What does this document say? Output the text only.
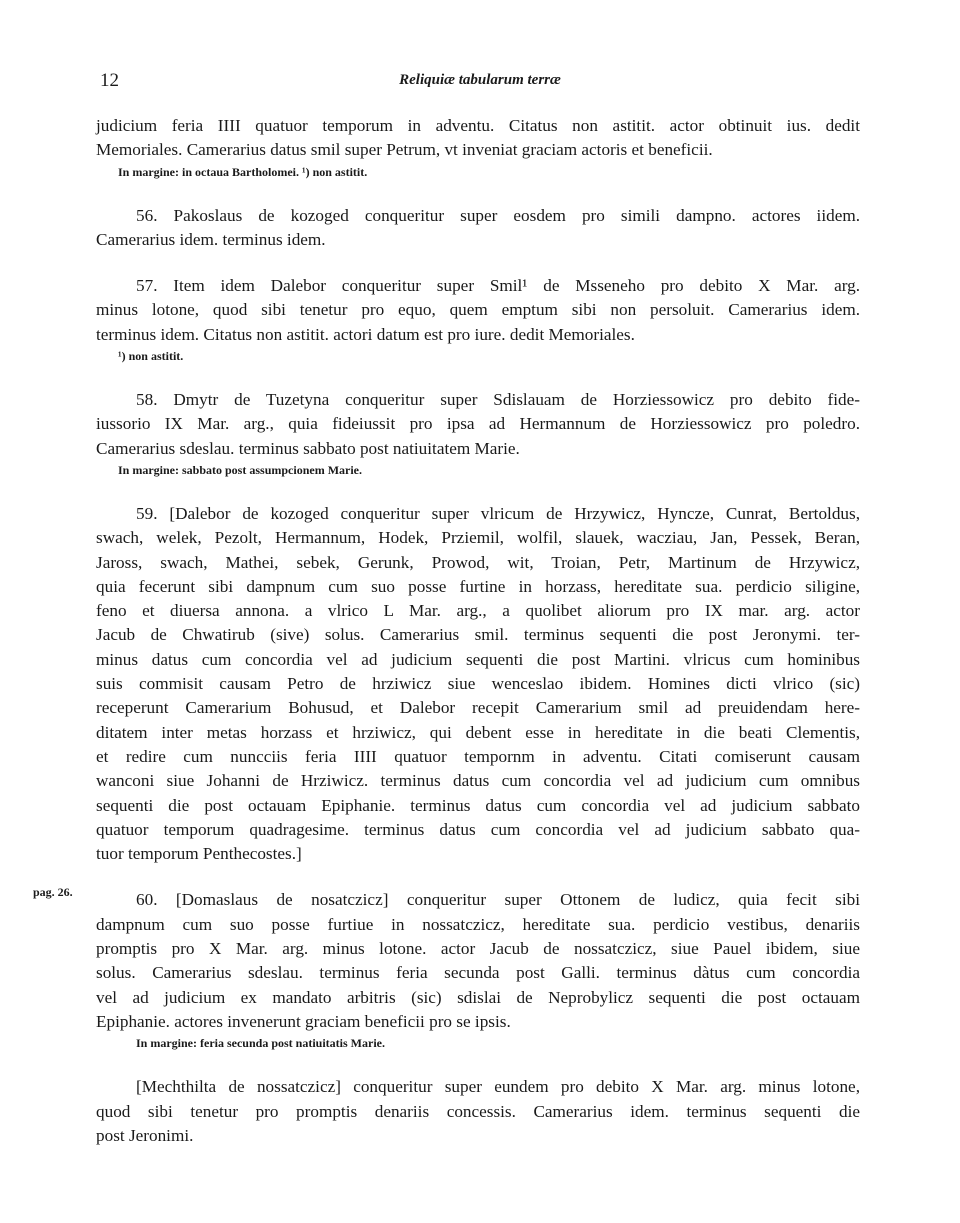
12	Reliquiæ tabularum terræ
pag. 26.
judicium feria IIII quatuor temporum in adventu. Citatus non astitit. actor obtinuit ius. dedit
Memoriales. Camerarius datus smil super Petrum, vt inveniat graciam actoris et beneficii.
In margine: in octaua Bartholomei. ¹) non astitit.
56. Pakoslaus de kozoged conqueritur super eosdem pro simili dampno. actores iidem.
Camerarius idem. terminus idem.
57. Item idem Dalebor conqueritur super Smil¹ de Msseneho pro debito X Mar. arg.
minus lotone, quod sibi tenetur pro equo, quem emptum sibi non persoluit. Camerarius idem.
terminus idem. Citatus non astitit. actori datum est pro iure. dedit Memoriales.
¹) non astitit.
58. Dmytr de Tuzetyna conqueritur super Sdislauam de Horziessowicz pro debito fide-
iussorio IX Mar. arg., quia fideiussit pro ipsa ad Hermannum de Horziessowicz pro poledro.
Camerarius sdeslau. terminus sabbato post natiuitatem Marie.
In margine: sabbato post assumpcionem Marie.
59. [Dalebor de kozoged conqueritur super vlricum de Hrzywicz, Hyncze, Cunrat, Bertoldus,
swach, welek, Pezolt, Hermannum, Hodek, Prziemil, wolfil, slauek, wacziau, Jan, Pessek, Beran,
Jaross, swach, Mathei, sebek, Gerunk, Prowod, wit, Troian, Petr, Martinum de Hrzywicz,
quia fecerunt sibi dampnum cum suo posse furtine in horzass, hereditate sua. perdicio siligine,
feno et diuersa annona. a vlrico L Mar. arg., a quolibet aliorum pro IX mar. arg. actor
Jacub de Chwatirub (sive) solus. Camerarius smil. terminus sequenti die post Jeronymi. ter-
minus datus cum concordia vel ad judicium sequenti die post Martini. vlricus cum hominibus
suis commisit causam Petro de hrziwicz siue wenceslao ibidem. Homines dicti vlrico (sic)
receperunt Camerarium Bohusud, et Dalebor recepit Camerarium smil ad preuidendam here-
ditatem inter metas horzass et hrziwicz, qui debent esse in hereditate in die beati Clementis,
et redire cum nuncciis feria IIII quatuor tempornm in adventu. Citati comiserunt causam
wanconi siue Johanni de Hrziwicz. terminus datus cum concordia vel ad judicium cum omnibus
sequenti die post octauam Epiphanie. terminus datus cum concordia vel ad judicium sabbato
quatuor temporum quadragesime. terminus datus cum concordia vel ad judicium sabbato qua-
tuor temporum Penthecostes.]
60. [Domaslaus de nosatczicz] conqueritur super Ottonem de ludicz, quia fecit sibi
dampnum cum suo posse furtiue in nossatczicz, hereditate sua. perdicio vestibus, denariis
promptis pro X Mar. arg. minus lotone. actor Jacub de nossatczicz, siue Pauel ibidem, siue
solus. Camerarius sdeslau. terminus feria secunda post Galli. terminus dàtus cum concordia
vel ad judicium ex mandato arbitris (sic) sdislai de Neprobylicz sequenti die post octauam
Epiphanie. actores invenerunt graciam beneficii pro se ipsis.
In margine: feria secunda post natiuitatis Marie.
[Mechthilta de nossatczicz] conqueritur super eundem pro debito X Mar. arg. minus lotone,
quod sibi tenetur pro promptis denariis concessis. Camerarius idem. terminus sequenti die
post Jeronimi.
